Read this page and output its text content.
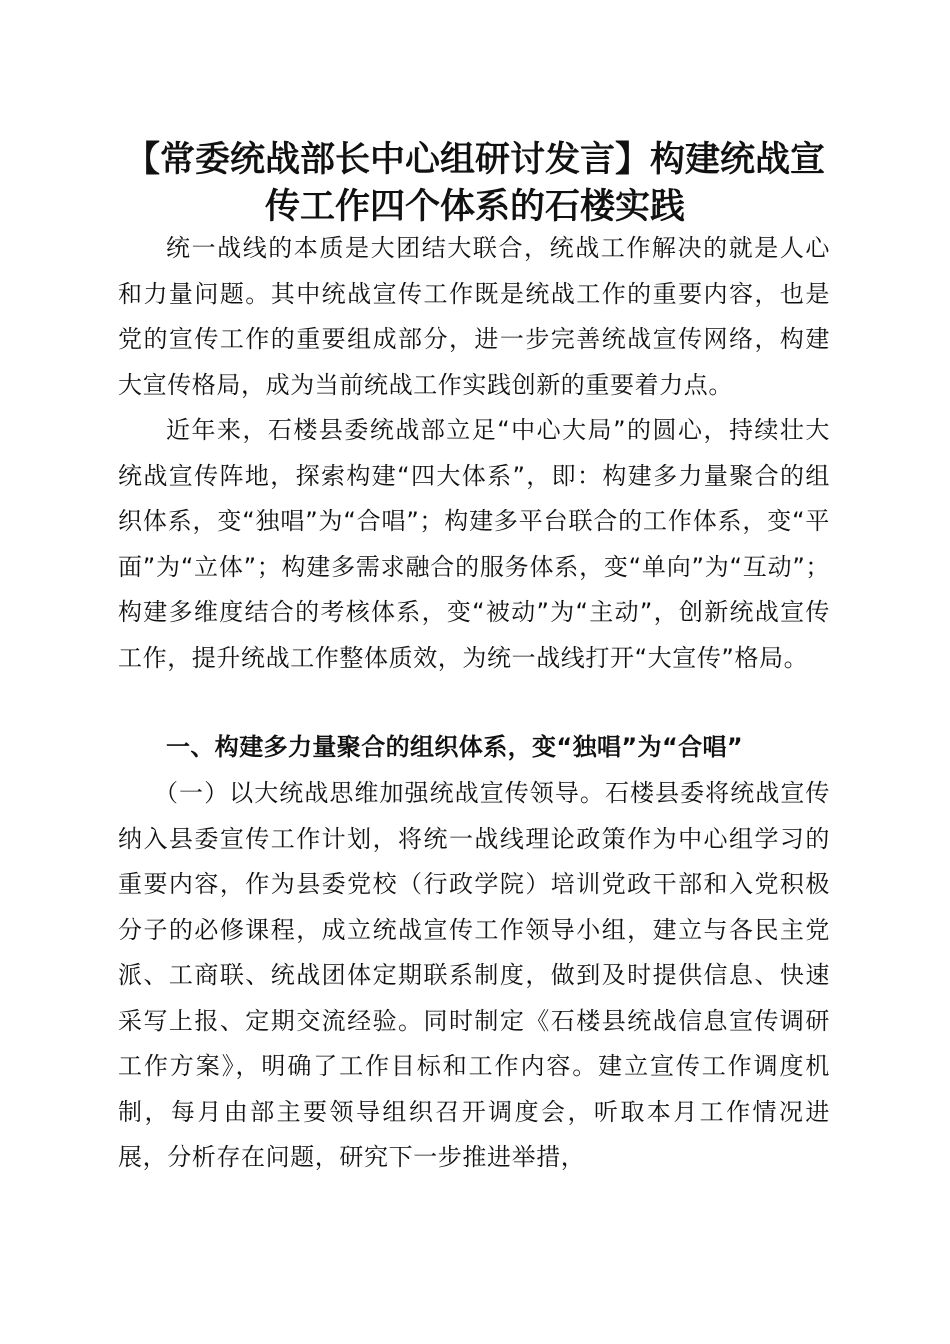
【常委统战部长中心组研讨发言】构建统战宣
传工作四个体系的石楼实践

统一战线的本质是大团结大联合，统战工作解决的就是人心和力量问题。其中统战宣传工作既是统战工作的重要内容，也是党的宣传工作的重要组成部分，进一步完善统战宣传网络，构建大宣传格局，成为当前统战工作实践创新的重要着力点。

近年来，石楼县委统战部立足“中心大局”的圆心，持续壮大统战宣传阵地，探索构建“四大体系”，即：构建多力量聚合的组织体系，变“独唱”为“合唱”；构建多平台联合的工作体系，变“平面”为“立体”；构建多需求融合的服务体系，变“单向”为“互动”；构建多维度结合的考核体系，变“被动”为“主动”，创新统战宣传工作，提升统战工作整体质效，为统一战线打开“大宣传”格局。

一、构建多力量聚合的组织体系，变“独唱”为“合唱”

（一）以大统战思维加强统战宣传领导。石楼县委将统战宣传纳入县委宣传工作计划，将统一战线理论政策作为中心组学习的重要内容，作为县委党校（行政学院）培训党政干部和入党积极分子的必修课程，成立统战宣传工作领导小组，建立与各民主党派、工商联、统战团体定期联系制度，做到及时提供信息、快速采写上报、定期交流经验。同时制定《石楼县统战信息宣传调研工作方案》，明确了工作目标和工作内容。建立宣传工作调度机制，每月由部主要领导组织召开调度会，听取本月工作情况进展，分析存在问题，研究下一步推进举措，
